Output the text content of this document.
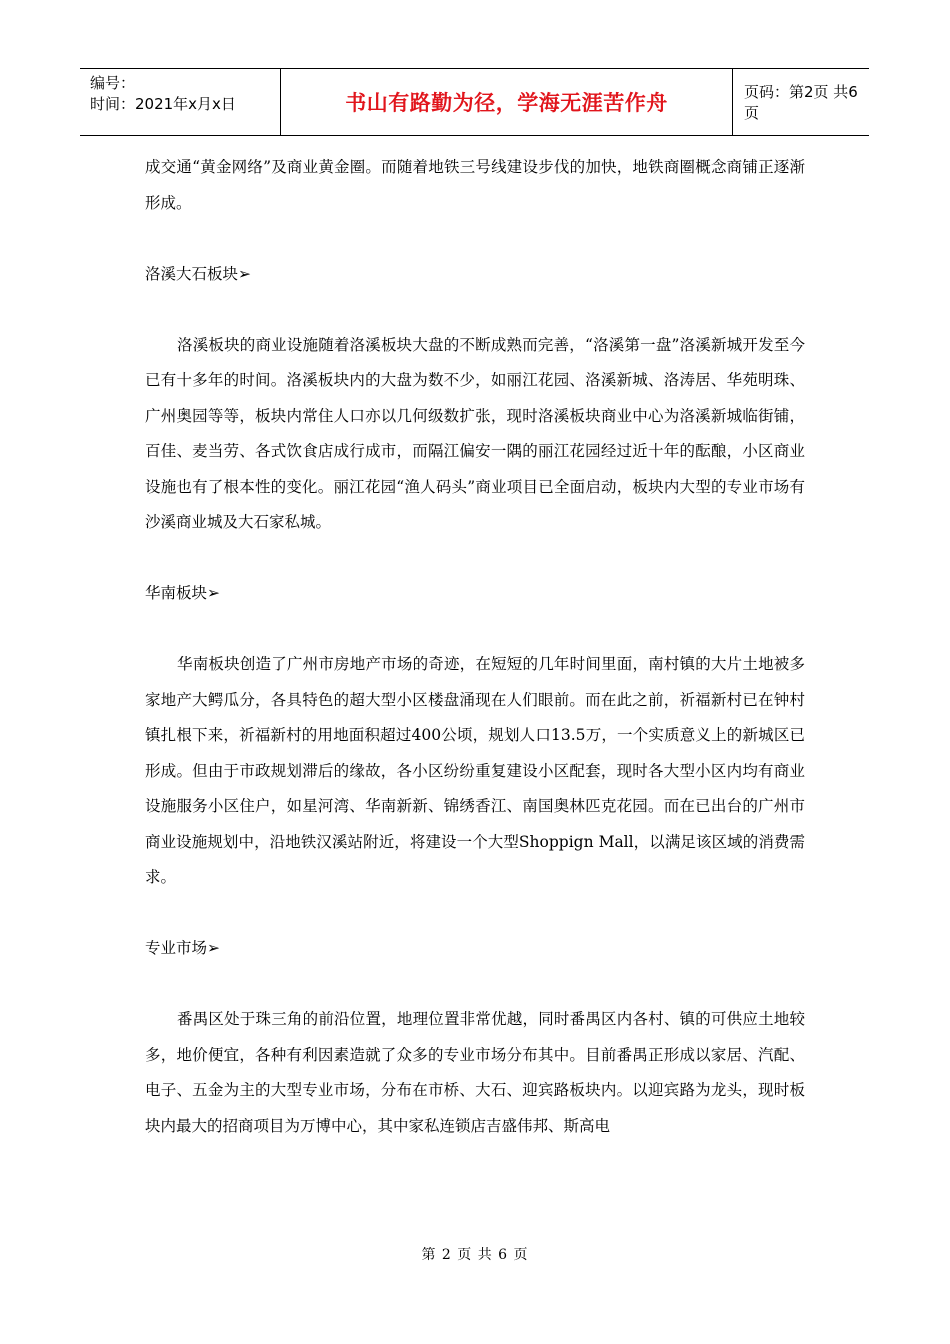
编号：
时间：2021年x月x日	书山有路勤为径，学海无涯苦作舟	页码：第2页 共6页

成交通“黄金网络”及商业黄金圈。而随着地铁三号线建设步伐的加快，地铁商圈概念商铺正逐渐形成。

洛溪大石板块➢

洛溪板块的商业设施随着洛溪板块大盘的不断成熟而完善，“洛溪第一盘”洛溪新城开发至今已有十多年的时间。洛溪板块内的大盘为数不少，如丽江花园、洛溪新城、洛涛居、华苑明珠、广州奥园等等，板块内常住人口亦以几何级数扩张，现时洛溪板块商业中心为洛溪新城临街铺，百佳、麦当劳、各式饮食店成行成市，而隔江偏安一隅的丽江花园经过近十年的酝酿，小区商业设施也有了根本性的变化。丽江花园“渔人码头”商业项目已全面启动，板块内大型的专业市场有沙溪商业城及大石家私城。

华南板块➢

华南板块创造了广州市房地产市场的奇迹，在短短的几年时间里面，南村镇的大片土地被多家地产大鳄瓜分，各具特色的超大型小区楼盘涌现在人们眼前。而在此之前，祈福新村已在钟村镇扎根下来，祈福新村的用地面积超过400公顷，规划人口13.5万，一个实质意义上的新城区已形成。但由于市政规划滞后的缘故，各小区纷纷重复建设小区配套，现时各大型小区内均有商业设施服务小区住户，如星河湾、华南新新、锦绣香江、南国奥林匹克花园。而在已出台的广州市商业设施规划中，沿地铁汉溪站附近，将建设一个大型Shoppign Mall，以满足该区域的消费需求。

专业市场➢

番禺区处于珠三角的前沿位置，地理位置非常优越，同时番禺区内各村、镇的可供应土地较多，地价便宜，各种有利因素造就了众多的专业市场分布其中。目前番禺正形成以家居、汽配、电子、五金为主的大型专业市场，分布在市桥、大石、迎宾路板块内。以迎宾路为龙头，现时板块内最大的招商项目为万博中心，其中家私连锁店吉盛伟邦、斯高电

第 2 页 共 6 页
